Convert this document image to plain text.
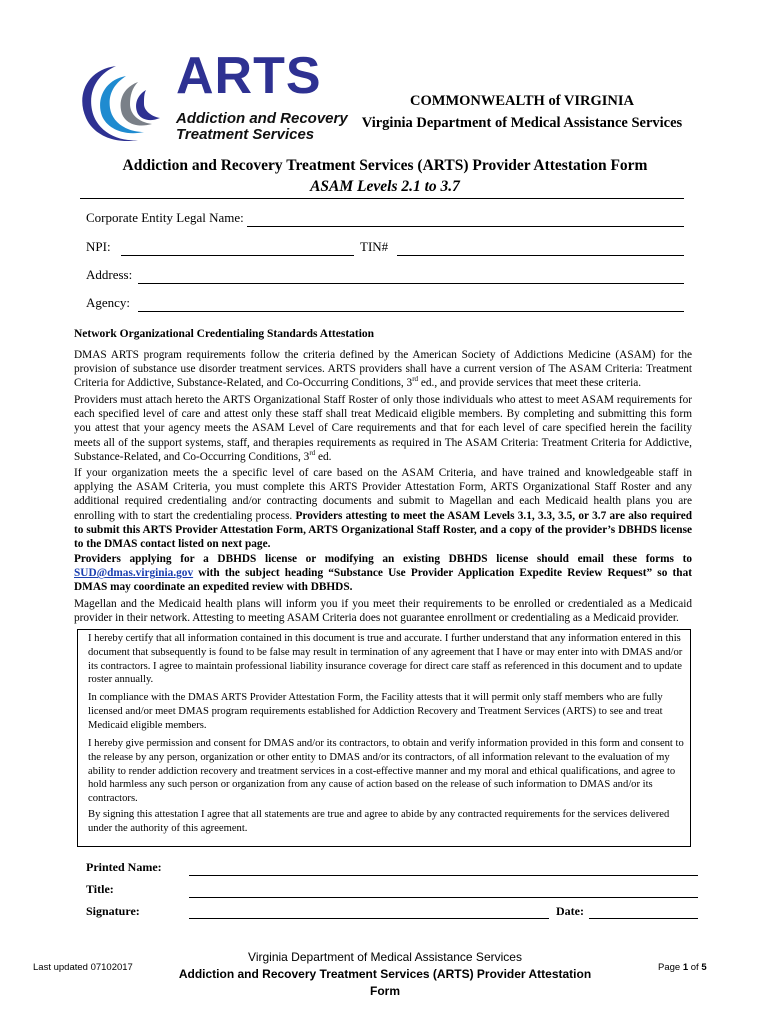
ARTS
Addiction and Recovery
Treatment Services
COMMONWEALTH of VIRGINIA
Virginia Department of Medical Assistance Services
Addiction and Recovery Treatment Services (ARTS) Provider Attestation Form
ASAM Levels 2.1 to 3.7
Corporate Entity Legal Name:
NPI:	TIN#
Address:
Agency:
Network Organizational Credentialing Standards Attestation
DMAS ARTS program requirements follow the criteria defined by the American Society of Addictions Medicine (ASAM) for the provision of substance use disorder treatment services. ARTS providers shall have a current version of The ASAM Criteria: Treatment Criteria for Addictive, Substance-Related, and Co-Occurring Conditions, 3rd ed., and provide services that meet these criteria.
Providers must attach hereto the ARTS Organizational Staff Roster of only those individuals who attest to meet ASAM requirements for each specified level of care and attest only these staff shall treat Medicaid eligible members. By completing and submitting this form you attest that your agency meets the ASAM Level of Care requirements and that for each level of care specified herein the facility meets all of the support systems, staff, and therapies requirements as required in The ASAM Criteria: Treatment Criteria for Addictive, Substance-Related, and Co-Occurring Conditions, 3rd ed.
If your organization meets the a specific level of care based on the ASAM Criteria, and have trained and knowledgeable staff in applying the ASAM Criteria, you must complete this ARTS Provider Attestation Form, ARTS Organizational Staff Roster and any additional required credentialing and/or contracting documents and submit to Magellan and each Medicaid health plans you are enrolling with to start the credentialing process. Providers attesting to meet the ASAM Levels 3.1, 3.3, 3.5, or 3.7 are also required to submit this ARTS Provider Attestation Form, ARTS Organizational Staff Roster, and a copy of the provider’s DBHDS license to the DMAS contact listed on next page.
Providers applying for a DBHDS license or modifying an existing DBHDS license should email these forms to SUD@dmas.virginia.gov with the subject heading “Substance Use Provider Application Expedite Review Request” so that DMAS may coordinate an expedited review with DBHDS.
Magellan and the Medicaid health plans will inform you if you meet their requirements to be enrolled or credentialed as a Medicaid provider in their network. Attesting to meeting ASAM Criteria does not guarantee enrollment or credentialing as a Medicaid provider.
I hereby certify that all information contained in this document is true and accurate. I further understand that any information entered in this document that subsequently is found to be false may result in termination of any agreement that I have or may enter into with DMAS and/or its contractors. I agree to maintain professional liability insurance coverage for direct care staff as referenced in this document and to update roster annually.
In compliance with the DMAS ARTS Provider Attestation Form, the Facility attests that it will permit only staff members who are fully licensed and/or meet DMAS program requirements established for Addiction Recovery and Treatment Services (ARTS) to see and treat Medicaid eligible members.
I hereby give permission and consent for DMAS and/or its contractors, to obtain and verify information provided in this form and consent to the release by any person, organization or other entity to DMAS and/or its contractors, of all information relevant to the evaluation of my ability to render addiction recovery and treatment services in a cost-effective manner and my moral and ethical qualifications, and agree to hold harmless any such person or organization from any cause of action based on the release of such information to DMAS and/or its contractors.
By signing this attestation I agree that all statements are true and agree to abide by any contracted requirements for the services delivered under the authority of this agreement.
Printed Name:
Title:
Signature:	Date:
Last updated 07102017
Virginia Department of Medical Assistance Services
Addiction and Recovery Treatment Services (ARTS) Provider Attestation Form
Page 1 of 5
